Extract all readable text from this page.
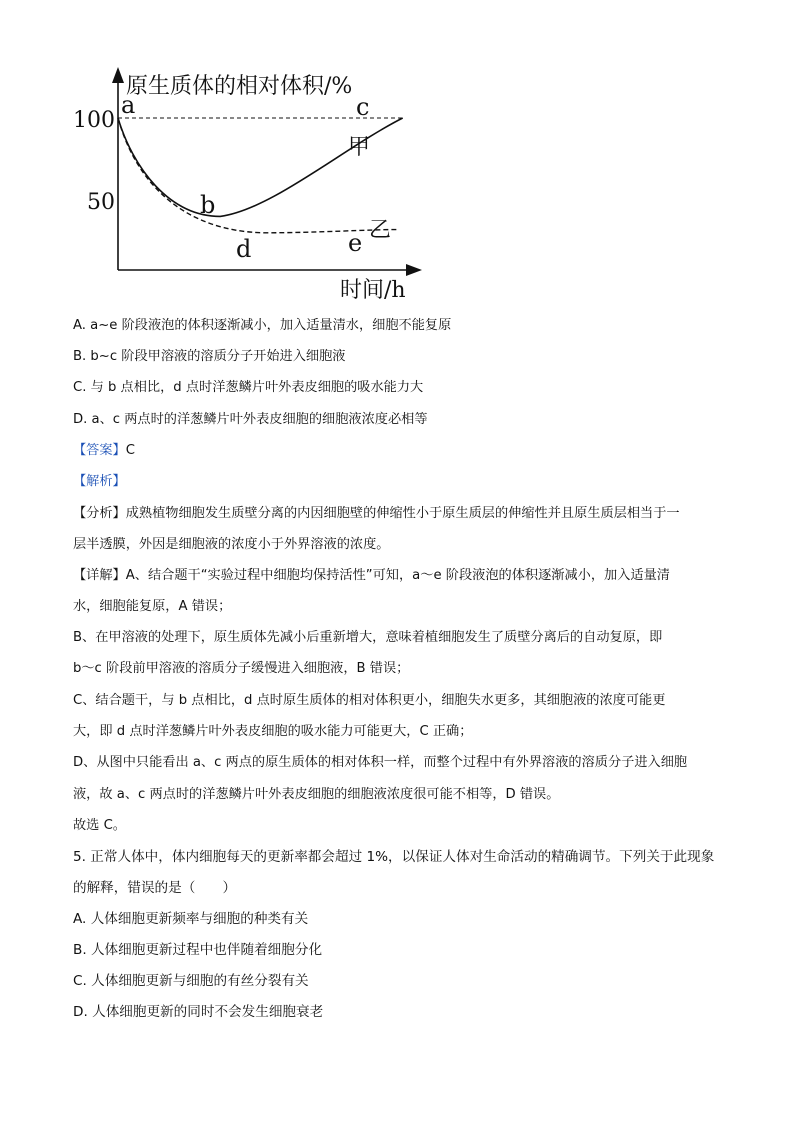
原生质体的相对体积/%
时间/h
100
50
a
b
c
d	e
甲
乙
A. a~e 阶段液泡的体积逐渐减小，加入适量清水，细胞不能复原
B. b~c 阶段甲溶液的溶质分子开始进入细胞液
C. 与 b 点相比，d 点时洋葱鳞片叶外表皮细胞的吸水能力大
D. a、c 两点时的洋葱鳞片叶外表皮细胞的细胞液浓度必相等
【答案】C
【解析】
【分析】成熟植物细胞发生质壁分离的内因细胞壁的伸缩性小于原生质层的伸缩性并且原生质层相当于一
层半透膜，外因是细胞液的浓度小于外界溶液的浓度。
【详解】A、结合题干“实验过程中细胞均保持活性”可知，a～e 阶段液泡的体积逐渐减小，加入适量清
水，细胞能复原，A 错误；
B、在甲溶液的处理下，原生质体先减小后重新增大，意味着植细胞发生了质壁分离后的自动复原，即
b～c 阶段前甲溶液的溶质分子缓慢进入细胞液，B 错误；
C、结合题干，与 b 点相比，d 点时原生质体的相对体积更小，细胞失水更多，其细胞液的浓度可能更
大，即 d 点时洋葱鳞片叶外表皮细胞的吸水能力可能更大，C 正确；
D、从图中只能看出 a、c 两点的原生质体的相对体积一样，而整个过程中有外界溶液的溶质分子进入细胞
液，故 a、c 两点时的洋葱鳞片叶外表皮细胞的细胞液浓度很可能不相等，D 错误。
故选 C。
5. 正常人体中，体内细胞每天的更新率都会超过 1%，以保证人体对生命活动的精确调节。下列关于此现象
的解释，错误的是（　　）
A. 人体细胞更新频率与细胞的种类有关
B. 人体细胞更新过程中也伴随着细胞分化
C. 人体细胞更新与细胞的有丝分裂有关
D. 人体细胞更新的同时不会发生细胞衰老
